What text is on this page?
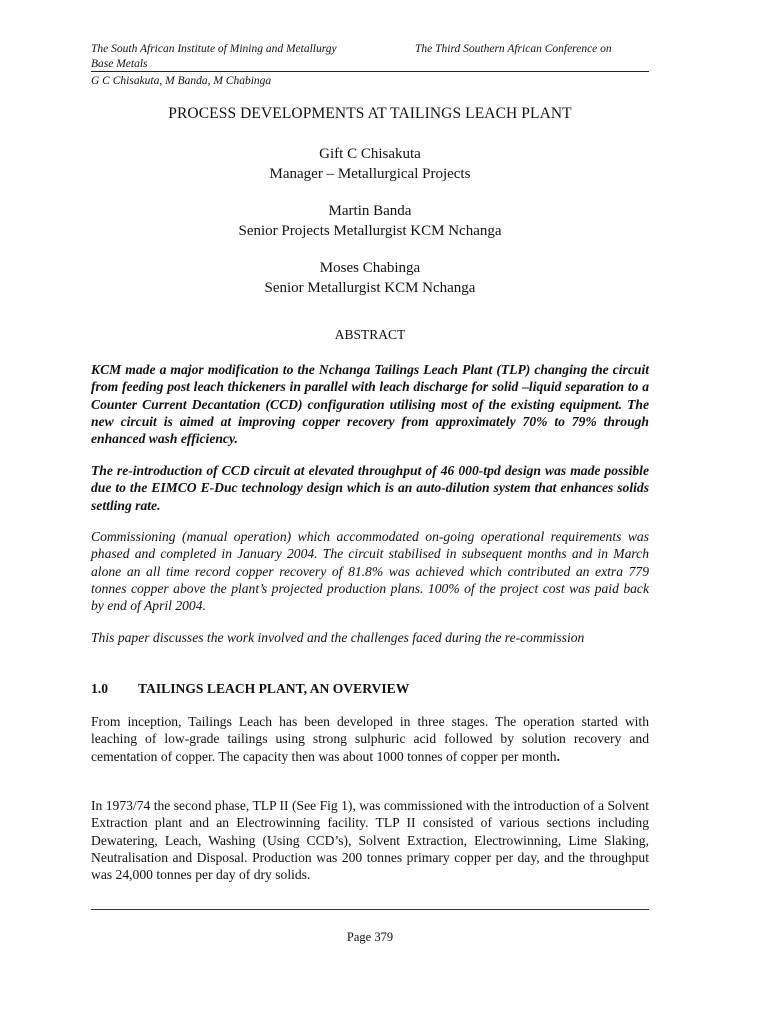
The South African Institute of Mining and Metallurgy	The Third Southern African Conference on
Base Metals
G C Chisakuta, M Banda, M Chabinga
PROCESS DEVELOPMENTS AT TAILINGS LEACH PLANT
Gift C Chisakuta
Manager – Metallurgical Projects
Martin Banda
Senior Projects Metallurgist KCM Nchanga
Moses Chabinga
Senior Metallurgist KCM Nchanga
ABSTRACT
KCM made a major modification to the Nchanga Tailings Leach Plant (TLP) changing the circuit from feeding post leach thickeners in parallel with leach discharge for solid –liquid separation to a Counter Current Decantation (CCD) configuration utilising most of the existing equipment. The new circuit is aimed at improving copper recovery from approximately 70% to 79% through enhanced wash efficiency.
The re-introduction of CCD circuit at elevated throughput of 46 000-tpd design was made possible due to the EIMCO E-Duc technology design which is an auto-dilution system that enhances solids settling rate.
Commissioning (manual operation) which accommodated on-going operational requirements was phased and completed in January 2004. The circuit stabilised in subsequent months and in March alone an all time record copper recovery of 81.8% was achieved which contributed an extra 779 tonnes copper above the plant’s projected production plans. 100% of the project cost was paid back by end of April 2004.
This paper discusses the work involved and the challenges faced during the re-commission
1.0 TAILINGS LEACH PLANT, AN OVERVIEW
From inception, Tailings Leach has been developed in three stages. The operation started with leaching of low-grade tailings using strong sulphuric acid followed by solution recovery and cementation of copper. The capacity then was about 1000 tonnes of copper per month.
In 1973/74 the second phase, TLP II (See Fig 1), was commissioned with the introduction of a Solvent Extraction plant and an Electrowinning facility. TLP II consisted of various sections including Dewatering, Leach, Washing (Using CCD’s), Solvent Extraction, Electrowinning, Lime Slaking, Neutralisation and Disposal. Production was 200 tonnes primary copper per day, and the throughput was 24,000 tonnes per day of dry solids.
Page 379
